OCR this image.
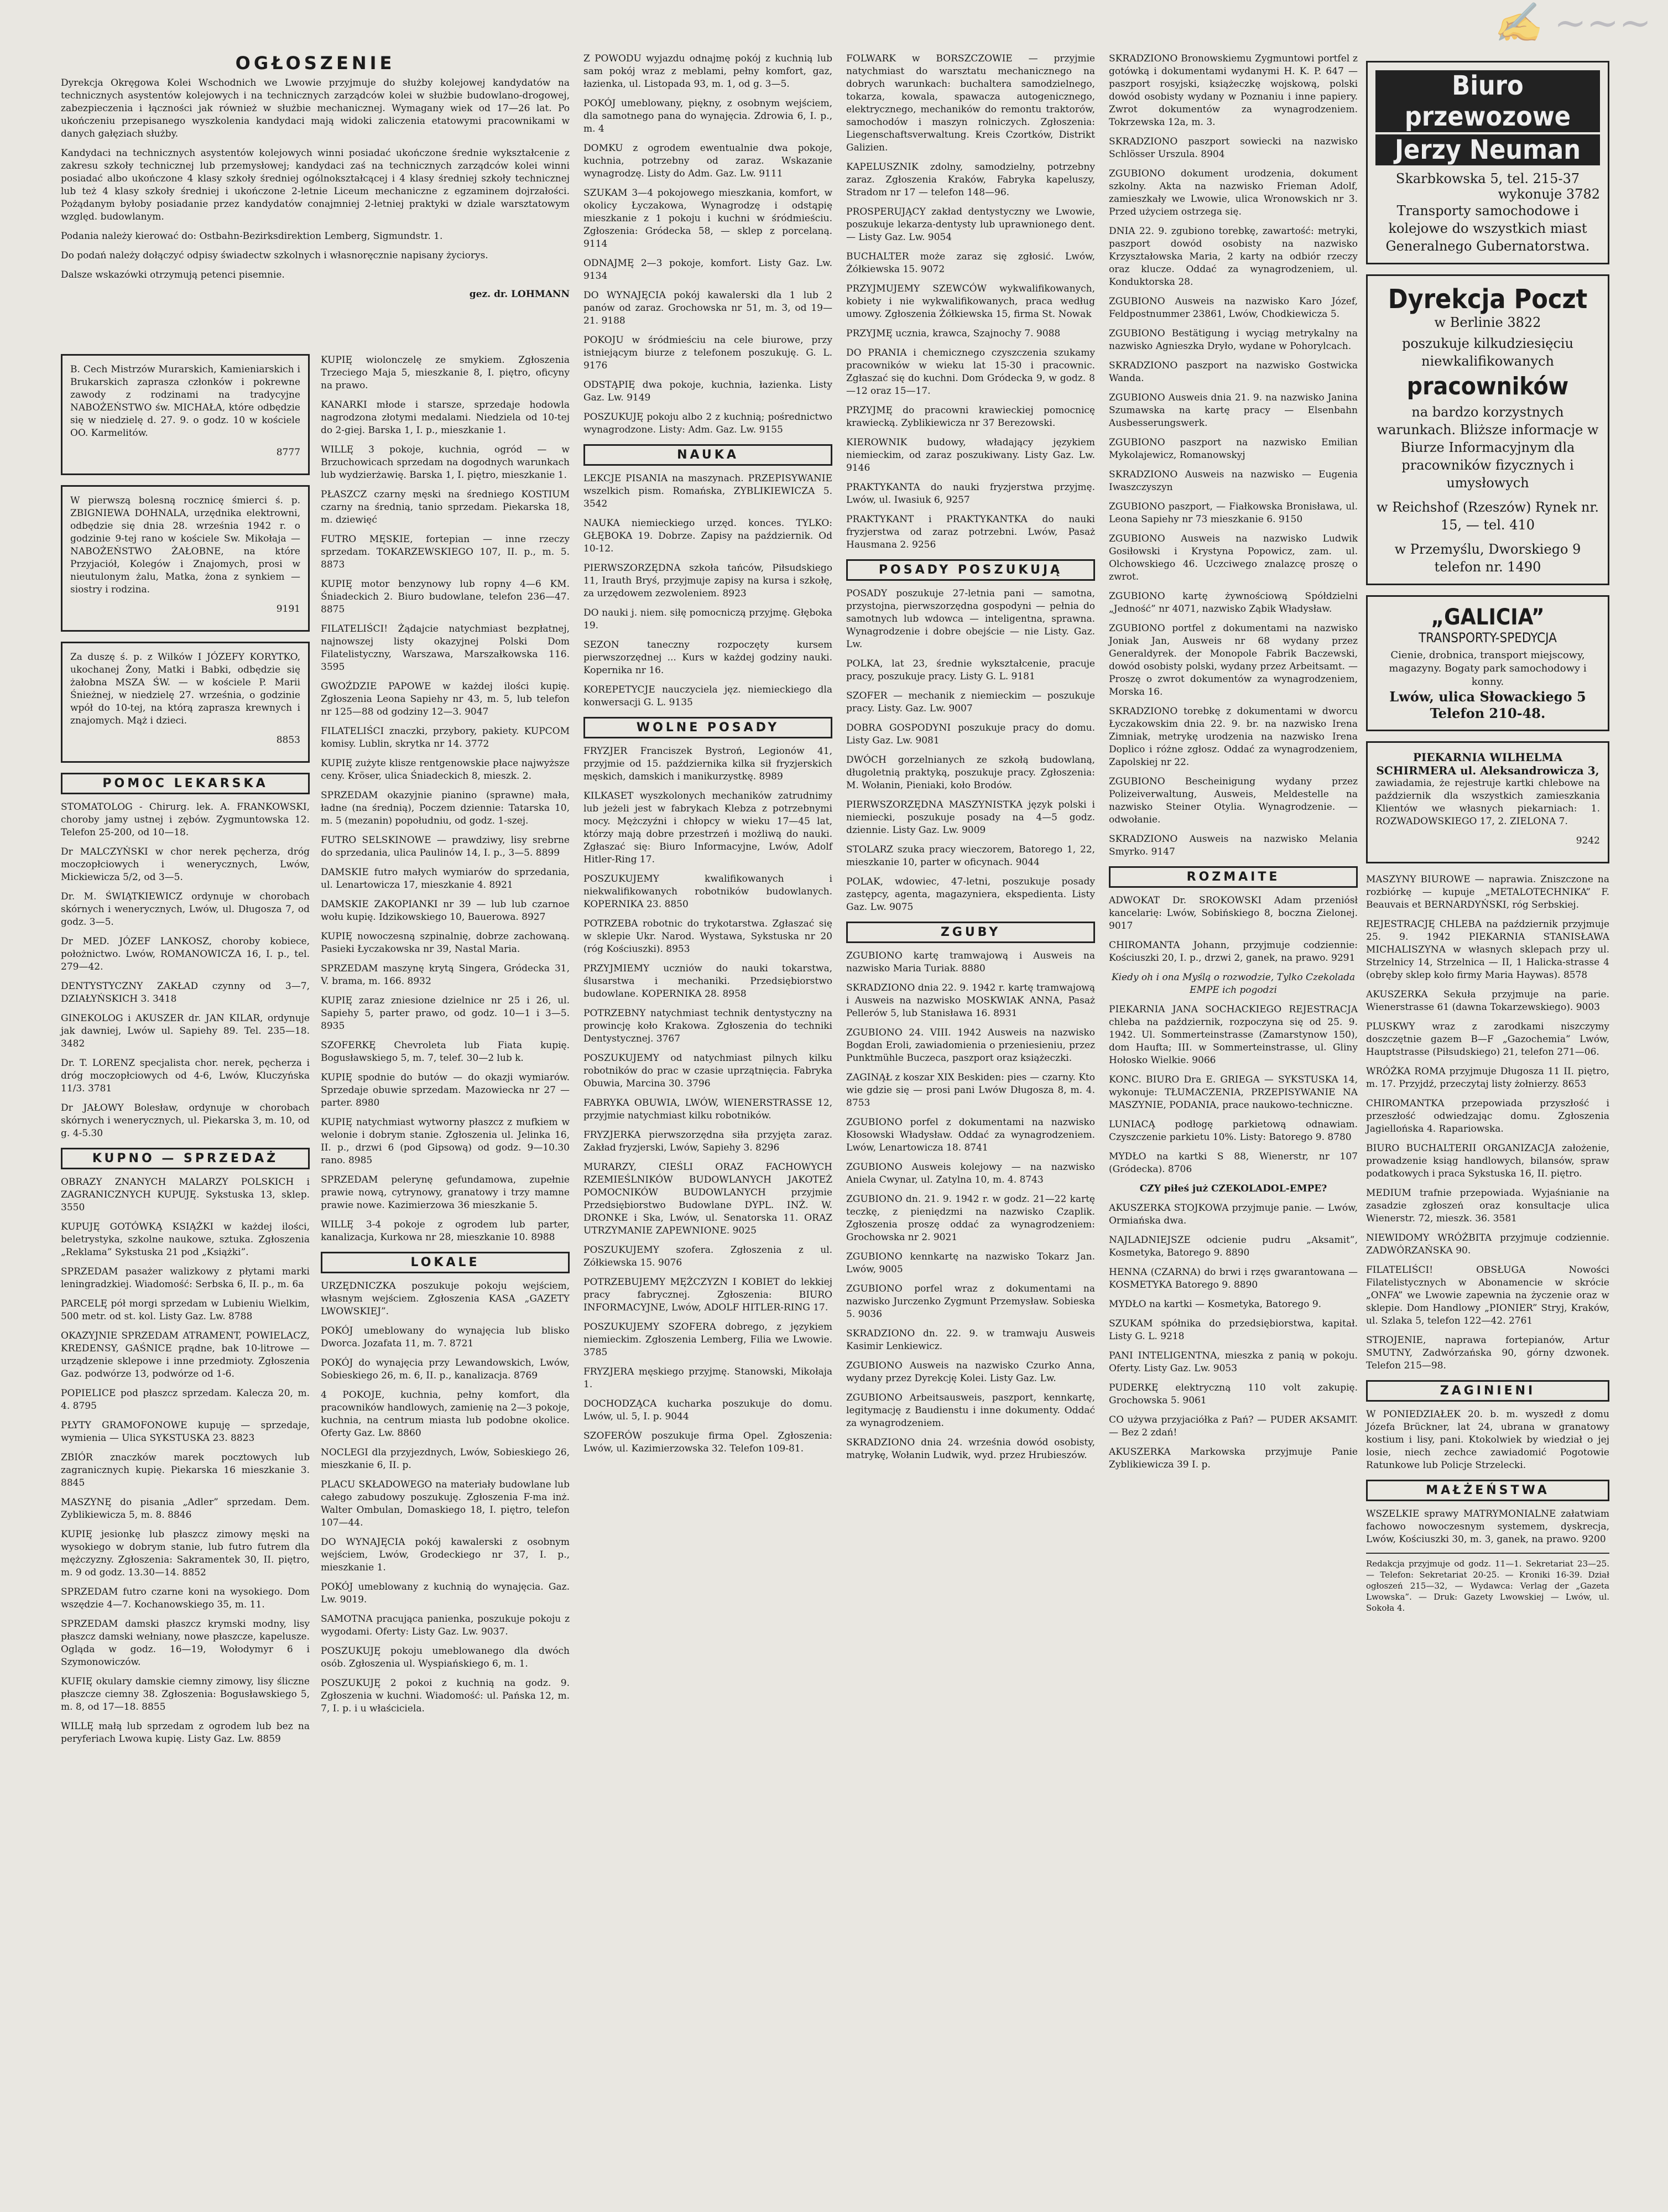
✍ ~~~
OGŁOSZENIE
Dyrekcja Okręgowa Kolei Wschodnich we Lwowie przyjmuje do służby kolejowej kandydatów na technicznych asystentów kolejowych i na technicznych zarządców kolei w służbie budowlano-drogowej, zabezpieczenia i łączności jak również w służbie mechanicznej. Wymagany wiek od 17—26 lat. Po ukończeniu przepisanego wyszkolenia kandydaci mają widoki zaliczenia etatowymi pracownikami w danych gałęziach służby.
Kandydaci na technicznych asystentów kolejowych winni posiadać ukończone średnie wykształcenie z zakresu szkoły technicznej lub przemysłowej; kandydaci zaś na technicznych zarządców kolei winni posiadać albo ukończone 4 klasy szkoły średniej ogólnokształcącej i 4 klasy średniej szkoły technicznej lub też 4 klasy szkoły średniej i ukończone 2-letnie Liceum mechaniczne z egzaminem dojrzałości. Pożądanym byłoby posiadanie przez kandydatów conajmniej 2-letniej praktyki w dziale warsztatowym względ. budowlanym.
Podania należy kierować do: Ostbahn-Bezirksdirektion Lemberg, Sigmundstr. 1.
Do podań należy dołączyć odpisy świadectw szkolnych i własnoręcznie napisany życiorys.
Dalsze wskazówki otrzymują petenci pisemnie.
gez. dr. LOHMANN
B. Cech Mistrzów Murarskich, Kamieniarskich i Brukarskich zaprasza członków i pokrewne zawody z rodzinami na tradycyjne NABOŻEŃSTWO św. MICHAŁA, które odbędzie się w niedzielę d. 27. 9. o godz. 10 w kościele OO. Karmelitów.
8777
W pierwszą bolesną rocznicę śmierci ś. p. ZBIGNIEWA DOHNALA, urzędnika elektrowni, odbędzie się dnia 28. września 1942 r. o godzinie 9-tej rano w kościele Sw. Mikołaja — NABOŻEŃSTWO ŻAŁOBNE, na które Przyjaciół, Kolegów i Znajomych, prosi w nieutulonym żalu, Matka, żona z synkiem — siostry i rodzina.
9191
Za duszę ś. p. z Wilków I JÓZEFY KORYTKO, ukochanej Żony, Matki i Babki, odbędzie się żałobna MSZA ŚW. — w kościele P. Marii Śnieżnej, w niedzielę 27. września, o godzinie wpół do 10-tej, na którą zaprasza krewnych i znajomych. Mąż i dzieci.
8853
POMOC LEKARSKA
STOMATOLOG - Chirurg. lek. A. FRANKOWSKI, choroby jamy ustnej i zębów. Zygmuntowska 12. Telefon 25-200, od 10—18.
Dr MALCZYŃSKI w chor nerek pęcherza, dróg moczopłciowych i wenerycznych, Lwów, Mickiewicza 5/2, od 3—5.
Dr. M. ŚWIĄTKIEWICZ ordynuje w chorobach skórnych i wenerycznych, Lwów, ul. Długosza 7, od godz. 3—5.
Dr MED. JÓZEF LANKOSZ, choroby kobiece, położnictwo. Lwów, ROMANOWICZA 16, I. p., tel. 279—42.
DENTYSTYCZNY ZAKŁAD czynny od 3—7, DZIAŁYŃSKICH 3. 3418
GINEKOLOG i AKUSZER dr. JAN KILAR, ordynuje jak dawniej, Lwów ul. Sapiehy 89. Tel. 235—18. 3482
Dr. T. LORENZ specjalista chor. nerek, pęcherza i dróg moczopłciowych od 4-6, Lwów, Kluczyńska 11/3. 3781
Dr JAŁOWY Bolesław, ordynuje w chorobach skórnych i wenerycznych, ul. Piekarska 3, m. 10, od g. 4-5.30
KUPNO — SPRZEDAŻ
OBRAZY ZNANYCH MALARZY POLSKICH i ZAGRANICZNYCH KUPUJĘ. Sykstuska 13, sklep. 3550
KUPUJĘ GOTÓWKĄ KSIĄŻKI w każdej ilości, beletrystyka, szkolne naukowe, sztuka. Zgłoszenia „Reklama” Sykstuska 21 pod „Książki”.
SPRZEDAM pasażer walizkowy z płytami marki leningradzkiej. Wiadomość: Serbska 6, II. p., m. 6a
PARCELĘ pół morgi sprzedam w Lubieniu Wielkim, 500 metr. od st. kol. Listy Gaz. Lw. 8788
OKAZYJNIE SPRZEDAM ATRAMENT, POWIELACZ, KREDENSY, GAŚNICE prądne, bak 10-litrowe — urządzenie sklepowe i inne przedmioty. Zgłoszenia Gaz. podwórze 13, podwórze od 1-6.
POPIELICE pod płaszcz sprzedam. Kalecza 20, m. 4. 8795
PŁYTY GRAMOFONOWE kupuję — sprzedaje, wymienia — Ulica SYKSTUSKA 23. 8823
ZBIÓR znaczków marek pocztowych lub zagranicznych kupię. Piekarska 16 mieszkanie 3. 8845
MASZYNĘ do pisania „Adler” sprzedam. Dem. Zyblikiewicza 5, m. 8. 8846
KUPIĘ jesionkę lub płaszcz zimowy męski na wysokiego w dobrym stanie, lub futro futrem dla mężczyzny. Zgłoszenia: Sakramentek 30, II. piętro, m. 9 od godz. 13.30—14. 8852
SPRZEDAM futro czarne koni na wysokiego. Dom wszędzie 4—7. Kochanowskiego 35, m. 11.
SPRZEDAM damski płaszcz krymski modny, lisy płaszcz damski wełniany, nowe płaszcze, kapelusze. Ogląda w godz. 16—19, Wołodymyr 6 i Szymonowiczów.
KUFIĘ okulary damskie ciemny zimowy, lisy śliczne płaszcze ciemny 38. Zgłoszenia: Bogusławskiego 5, m. 8, od 17—18. 8855
WILLĘ małą lub sprzedam z ogrodem lub bez na peryferiach Lwowa kupię. Listy Gaz. Lw. 8859
KUPIĘ wiolonczelę ze smykiem. Zgłoszenia Trzeciego Maja 5, mieszkanie 8, I. piętro, oficyny na prawo.
KANARKI młode i starsze, sprzedaje hodowla nagrodzona złotymi medalami. Niedziela od 10-tej do 2-giej. Barska 1, I. p., mieszkanie 1.
WILLĘ 3 pokoje, kuchnia, ogród — w Brzuchowicach sprzedam na dogodnych warunkach lub wydzierżawię. Barska 1, I. piętro, mieszkanie 1.
PŁASZCZ czarny męski na średniego KOSTIUM czarny na średnią, tanio sprzedam. Piekarska 18, m. dziewięć
FUTRO MĘSKIE, fortepian — inne rzeczy sprzedam. TOKARZEWSKIEGO 107, II. p., m. 5. 8873
KUPIĘ motor benzynowy lub ropny 4—6 KM. Śniadeckich 2. Biuro budowlane, telefon 236—47. 8875
FILATELIŚCI! Żądajcie natychmiast bezpłatnej, najnowszej listy okazyjnej Polski Dom Filatelistyczny, Warszawa, Marszałkowska 116. 3595
GWOŹDZIE PAPOWE w każdej ilości kupię. Zgłoszenia Leona Sapiehy nr 43, m. 5, lub telefon nr 125—88 od godziny 12—3. 9047
FILATELIŚCI znaczki, przybory, pakiety. KUPCOM komisy. Lublin, skrytka nr 14. 3772
KUPIĘ zużyte klisze rentgenowskie płace najwyższe ceny. Kröser, ulica Śniadeckich 8, mieszk. 2.
SPRZEDAM okazyjnie pianino (sprawne) mała, ładne (na średnią), Poczem dziennie: Tatarska 10, m. 5 (mezanin) popołudniu, od godz. 1-szej.
FUTRO SELSKINOWE — prawdziwy, lisy srebrne do sprzedania, ulica Paulinów 14, I. p., 3—5. 8899
DAMSKIE futro małych wymiarów do sprzedania, ul. Lenartowicza 17, mieszkanie 4. 8921
DAMSKIE ZAKOPIANKI nr 39 — lub lub czarnoe wołu kupię. Idzikowskiego 10, Bauerowa. 8927
KUPIĘ nowoczesną szpinalnię, dobrze zachowaną. Pasieki Łyczakowska nr 39, Nastal Maria.
SPRZEDAM maszynę krytą Singera, Gródecka 31, V. brama, m. 166. 8932
KUPIĘ zaraz zniesione dzielnice nr 25 i 26, ul. Sapiehy 5, parter prawo, od godz. 10—1 i 3—5. 8935
SZOFERKĘ Chevroleta lub Fiata kupię. Bogusławskiego 5, m. 7, telef. 30—2 lub k.
KUPIĘ spodnie do butów — do okazji wymiarów. Sprzedaje obuwie sprzedam. Mazowiecka nr 27 — parter. 8980
KUPIĘ natychmiast wytworny płaszcz z mufkiem w welonie i dobrym stanie. Zgłoszenia ul. Jelinka 16, II. p., drzwi 6 (pod Gipsową) od godz. 9—10.30 rano. 8985
SPRZEDAM pelerynę gefundamowa, zupełnie prawie nową, cytrynowy, granatowy i trzy mamne prawie nowe. Kazimierzowa 36 mieszkanie 5.
WILLĘ 3-4 pokoje z ogrodem lub parter, kanalizacja, Kurkowa nr 28, mieszkanie 10. 8988
LOKALE
URZĘDNICZKA poszukuje pokoju wejściem, własnym wejściem. Zgłoszenia KASA „GAZETY LWOWSKIEJ”.
POKÓJ umeblowany do wynajęcia lub blisko Dworca. Jozafata 11, m. 7. 8721
POKÓJ do wynajęcia przy Lewandowskich, Lwów, Sobieskiego 26, m. 6, II. p., kanalizacja. 8769
4 POKOJE, kuchnia, pełny komfort, dla pracowników handlowych, zamienię na 2—3 pokoje, kuchnia, na centrum miasta lub podobne okolice. Oferty Gaz. Lw. 8860
NOCLEGI dla przyjezdnych, Lwów, Sobieskiego 26, mieszkanie 6, II. p.
PLACU SKŁADOWEGO na materiały budowlane lub całego zabudowy poszukuję. Zgłoszenia F-ma inż. Walter Ombulan, Domaskiego 18, I. piętro, telefon 107—44.
DO WYNAJĘCIA pokój kawalerski z osobnym wejściem, Lwów, Grodeckiego nr 37, I. p., mieszkanie 1.
POKÓJ umeblowany z kuchnią do wynajęcia. Gaz. Lw. 9019.
SAMOTNA pracująca panienka, poszukuje pokoju z wygodami. Oferty: Listy Gaz. Lw. 9037.
POSZUKUJĘ pokoju umeblowanego dla dwóch osób. Zgłoszenia ul. Wyspiańskiego 6, m. 1.
POSZUKUJĘ 2 pokoi z kuchnią na godz. 9. Zgłoszenia w kuchni. Wiadomość: ul. Pańska 12, m. 7, I. p. i u właściciela.
Z POWODU wyjazdu odnajmę pokój z kuchnią lub sam pokój wraz z meblami, pełny komfort, gaz, łazienka, ul. Listopada 93, m. 1, od g. 3—5.
POKÓJ umeblowany, piękny, z osobnym wejściem, dla samotnego pana do wynajęcia. Zdrowia 6, I. p., m. 4
DOMKU z ogrodem ewentualnie dwa pokoje, kuchnia, potrzebny od zaraz. Wskazanie wynagrodzę. Listy do Adm. Gaz. Lw. 9111
SZUKAM 3—4 pokojowego mieszkania, komfort, w okolicy Łyczakowa, Wynagrodzę i odstąpię mieszkanie z 1 pokoju i kuchni w śródmieściu. Zgłoszenia: Gródecka 58, — sklep z porcelaną. 9114
ODNAJMĘ 2—3 pokoje, komfort. Listy Gaz. Lw. 9134
DO WYNAJĘCIA pokój kawalerski dla 1 lub 2 panów od zaraz. Grochowska nr 51, m. 3, od 19—21. 9188
POKOJU w śródmieściu na cele biurowe, przy istniejącym biurze z telefonem poszukuję. G. L. 9176
ODSTĄPIĘ dwa pokoje, kuchnia, łazienka. Listy Gaz. Lw. 9149
POSZUKUJĘ pokoju albo 2 z kuchnią; pośrednictwo wynagrodzone. Listy: Adm. Gaz. Lw. 9155
NAUKA
LEKCJE PISANIA na maszynach. PRZEPISYWANIE wszelkich pism. Romańska, ZYBLIKIEWICZA 5. 3542
NAUKA niemieckiego urzęd. konces. TYLKO: GŁĘBOKA 19. Dobrze. Zapisy na październik. Od 10-12.
PIERWSZORZĘDNA szkoła tańców, Piłsudskiego 11, Irauth Bryś, przyjmuje zapisy na kursa i szkołę, za urzędowem zezwoleniem. 8923
DO nauki j. niem. siłę pomocniczą przyjmę. Głęboka 19.
SEZON taneczny rozpoczęty kursem pierwszorzędnej ... Kurs w każdej godziny nauki. Kopernika nr 16.
KOREPETYCJE nauczyciela jęz. niemieckiego dla konwersacji G. L. 9135
WOLNE POSADY
FRYZJER Franciszek Bystroń, Legionów 41, przyjmie od 15. października kilka sił fryzjerskich męskich, damskich i manikurzystkę. 8989
KILKASET wyszkolonych mechaników zatrudnimy lub jeżeli jest w fabrykach Klebza z potrzebnymi mocy. Mężczyźni i chłopcy w wieku 17—45 lat, którzy mają dobre przestrzeń i możliwą do nauki. Zgłaszać się: Biuro Informacyjne, Lwów, Adolf Hitler-Ring 17.
POSZUKUJEMY kwalifikowanych i niekwalifikowanych robotników budowlanych. KOPERNIKA 23. 8850
POTRZEBA robotnic do trykotarstwa. Zgłaszać się w sklepie Ukr. Narod. Wystawa, Sykstuska nr 20 (róg Kościuszki). 8953
PRZYJMIEMY uczniów do nauki tokarstwa, ślusarstwa i mechaniki. Przedsiębiorstwo budowlane. KOPERNIKA 28. 8958
POTRZEBNY natychmiast technik dentystyczny na prowincję koło Krakowa. Zgłoszenia do techniki Dentystycznej. 3767
POSZUKUJEMY od natychmiast pilnych kilku robotników do prac w czasie uprzątnięcia. Fabryka Obuwia, Marcina 30. 3796
FABRYKA OBUWIA, LWÓW, WIENERSTRASSE 12, przyjmie natychmiast kilku robotników.
FRYZJERKA pierwszorzędna siła przyjęta zaraz. Zakład fryzjerski, Lwów, Sapiehy 3. 8296
MURARZY, CIEŚLI ORAZ FACHOWYCH RZEMIEŚLNIKÓW BUDOWLANYCH JAKOTEŻ POMOCNIKÓW BUDOWLANYCH przyjmie Przedsiębiorstwo Budowlane DYPL. INŻ. W. DRONKE i Ska, Lwów, ul. Senatorska 11. ORAZ UTRZYMANIE ZAPEWNIONE. 9025
POSZUKUJEMY szofera. Zgłoszenia z ul. Zółkiewska 15. 9076
POTRZEBUJEMY MĘŻCZYZN I KOBIET do lekkiej pracy fabrycznej. Zgłoszenia: BIURO INFORMACYJNE, Lwów, ADOLF HITLER-RING 17.
POSZUKUJEMY SZOFERA dobrego, z językiem niemieckim. Zgłoszenia Lemberg, Filia we Lwowie. 3785
FRYZJERA męskiego przyjmę. Stanowski, Mikołaja 1.
DOCHODZĄCA kucharka poszukuje do domu. Lwów, ul. 5, I. p. 9044
SZOFERÓW poszukuje firma Opel. Zgłoszenia: Lwów, ul. Kazimierzowska 32. Telefon 109-81.
FOLWARK w BORSZCZOWIE — przyjmie natychmiast do warsztatu mechanicznego na dobrych warunkach: buchaltera samodzielnego, tokarza, kowala, spawacza autogenicznego, elektrycznego, mechaników do remontu traktorów, samochodów i maszyn rolniczych. Zgłoszenia: Liegenschaftsverwaltung. Kreis Czortków, Distrikt Galizien.
KAPELUSZNIK zdolny, samodzielny, potrzebny zaraz. Zgłoszenia Kraków, Fabryka kapeluszy, Stradom nr 17 — telefon 148—96.
PROSPERUJĄCY zakład dentystyczny we Lwowie, poszukuje lekarza-dentysty lub uprawnionego dent. — Listy Gaz. Lw. 9054
BUCHALTER może zaraz się zgłosić. Lwów, Żółkiewska 15. 9072
PRZYJMUJEMY SZEWCÓW wykwalifikowanych, kobiety i nie wykwalifikowanych, praca według umowy. Zgłoszenia Żółkiewska 15, firma St. Nowak
PRZYJMĘ ucznia, krawca, Szajnochy 7. 9088
DO PRANIA i chemicznego czyszczenia szukamy pracowników w wieku lat 15-30 i pracownic. Zgłaszać się do kuchni. Dom Gródecka 9, w godz. 8—12 oraz 15—17.
PRZYJMĘ do pracowni krawieckiej pomocnicę krawiecką. Zyblikiewicza nr 37 Berezowski.
KIEROWNIK budowy, władający językiem niemieckim, od zaraz poszukiwany. Listy Gaz. Lw. 9146
PRAKTYKANTA do nauki fryzjerstwa przyjmę. Lwów, ul. Iwasiuk 6, 9257
PRAKTYKANT i PRAKTYKANTKA do nauki fryzjerstwa od zaraz potrzebni. Lwów, Pasaż Hausmana 2. 9256
POSADY POSZUKUJĄ
POSADY poszukuje 27-letnia pani — samotna, przystojna, pierwszorzędna gospodyni — pełnia do samotnych lub wdowca — inteligentna, sprawna. Wynagrodzenie i dobre obejście — nie Listy. Gaz. Lw.
POLKA, lat 23, średnie wykształcenie, pracuje pracy, poszukuje pracy. Listy G. L. 9181
SZOFER — mechanik z niemieckim — poszukuje pracy. Listy. Gaz. Lw. 9007
DOBRA GOSPODYNI poszukuje pracy do domu. Listy Gaz. Lw. 9081
DWÓCH gorzelnianych ze szkołą budowlaną, długoletnią praktyką, poszukuje pracy. Zgłoszenia: M. Wołanin, Pieniaki, koło Brodów.
PIERWSZORZĘDNA MASZYNISTKA język polski i niemiecki, poszukuje posady na 4—5 godz. dziennie. Listy Gaz. Lw. 9009
STOLARZ szuka pracy wieczorem, Batorego 1, 22, mieszkanie 10, parter w oficynach. 9044
POLAK, wdowiec, 47-letni, poszukuje posady zastępcy, agenta, magazyniera, ekspedienta. Listy Gaz. Lw. 9075
ZGUBY
ZGUBIONO kartę tramwajową i Ausweis na nazwisko Maria Turiak. 8880
SKRADZIONO dnia 22. 9. 1942 r. kartę tramwajową i Ausweis na nazwisko MOSKWIAK ANNA, Pasaż Pellerów 5, lub Stanisława 16. 8931
ZGUBIONO 24. VIII. 1942 Ausweis na nazwisko Bogdan Eroli, zawiadomienia o przeniesieniu, przez Punktmühle Buczeca, paszport oraz książeczki.
ZAGINĄŁ z koszar XIX Beskiden: pies — czarny. Kto wie gdzie się — prosi pani Lwów Długosza 8, m. 4. 8753
ZGUBIONO porfel z dokumentami na nazwisko Kłosowski Władysław. Oddać za wynagrodzeniem. Lwów, Lenartowicza 18. 8741
ZGUBIONO Ausweis kolejowy — na nazwisko Aniela Cwynar, ul. Zatylna 10, m. 4. 8743
ZGUBIONO dn. 21. 9. 1942 r. w godz. 21—22 kartę teczkę, z pieniędzmi na nazwisko Czaplik. Zgłoszenia proszę oddać za wynagrodzeniem: Grochowska nr 2. 9021
ZGUBIONO kennkartę na nazwisko Tokarz Jan. Lwów, 9005
ZGUBIONO porfel wraz z dokumentami na nazwisko Jurczenko Zygmunt Przemysław. Sobieska 5. 9036
SKRADZIONO dn. 22. 9. w tramwaju Ausweis Kasimir Lenkiewicz.
ZGUBIONO Ausweis na nazwisko Czurko Anna, wydany przez Dyrekcję Kolei. Listy Gaz. Lw.
ZGUBIONO Arbeitsausweis, paszport, kennkartę, legitymację z Baudienstu i inne dokumenty. Oddać za wynagrodzeniem.
SKRADZIONO dnia 24. września dowód osobisty, matrykę, Wołanin Ludwik, wyd. przez Hrubieszów.
SKRADZIONO Bronowskiemu Zygmuntowi portfel z gotówką i dokumentami wydanymi H. K. P. 647 — paszport rosyjski, książeczkę wojskową, polski dowód osobisty wydany w Poznaniu i inne papiery. Zwrot dokumentów za wynagrodzeniem. Tokrzewska 12a, m. 3.
SKRADZIONO paszport sowiecki na nazwisko Schlösser Urszula. 8904
ZGUBIONO dokument urodzenia, dokument szkolny. Akta na nazwisko Frieman Adolf, zamieszkały we Lwowie, ulica Wronowskich nr 3. Przed użyciem ostrzega się.
DNIA 22. 9. zgubiono torebkę, zawartość: metryki, paszport dowód osobisty na nazwisko Krzyształowska Maria, 2 karty na odbiór rzeczy oraz klucze. Oddać za wynagrodzeniem, ul. Konduktorska 28.
ZGUBIONO Ausweis na nazwisko Karo Józef, Feldpostnummer 23861, Lwów, Chodkiewicza 5.
ZGUBIONO Bestätigung i wyciąg metrykalny na nazwisko Agnieszka Dryło, wydane w Pohorylcach.
SKRADZIONO paszport na nazwisko Gostwicka Wanda.
ZGUBIONO Ausweis dnia 21. 9. na nazwisko Janina Szumawska na kartę pracy — Elsenbahn Ausbesserungswerk.
ZGUBIONO paszport na nazwisko Emilian Mykolajewicz, Romanowskyj
SKRADZIONO Ausweis na nazwisko — Eugenia Iwaszczyszyn
ZGUBIONO paszport, — Fiałkowska Bronisława, ul. Leona Sapiehy nr 73 mieszkanie 6. 9150
ZGUBIONO Ausweis na nazwisko Ludwik Gosiłowski i Krystyna Popowicz, zam. ul. Olchowskiego 46. Uczciwego znalazcę proszę o zwrot.
ZGUBIONO kartę żywnościową Spółdzielni „Jedność” nr 4071, nazwisko Ząbik Władysław.
ZGUBIONO portfel z dokumentami na nazwisko Joniak Jan, Ausweis nr 68 wydany przez Generaldyrek. der Monopole Fabrik Baczewski, dowód osobisty polski, wydany przez Arbeitsamt. — Proszę o zwrot dokumentów za wynagrodzeniem, Morska 16.
SKRADZIONO torebkę z dokumentami w dworcu Łyczakowskim dnia 22. 9. br. na nazwisko Irena Zimniak, metrykę urodzenia na nazwisko Irena Doplico i różne zgłosz. Oddać za wynagrodzeniem, Zapolskiej nr 22.
ZGUBIONO Bescheinigung wydany przez Polizeiverwaltung, Ausweis, Meldestelle na nazwisko Steiner Otylia. Wynagrodzenie. — odwołanie.
SKRADZIONO Ausweis na nazwisko Melania Smyrko. 9147
ROZMAITE
ADWOKAT Dr. SROKOWSKI Adam przeniósł kancelarię: Lwów, Sobińskiego 8, boczna Zielonej. 9017
CHIROMANTA Johann, przyjmuje codziennie: Kościuszki 20, I. p., drzwi 2, ganek, na prawo. 9291
Kiedy oh i ona Myślą o rozwodzie, Tylko Czekolada EMPE ich pogodzi
PIEKARNIA JANA SOCHACKIEGO REJESTRACJA chleba na październik, rozpoczyna się od 25. 9. 1942. Ul. Sommerteinstrasse (Zamarstynow 150), dom Haufta; III. w Sommerteinstrasse, ul. Gliny Hołosko Wielkie. 9066
KONC. BIURO Dra E. GRIEGA — SYKSTUSKA 14, wykonuje: TŁUMACZENIA, PRZEPISYWANIE NA MASZYNIE, PODANIA, prace naukowo-techniczne.
LUNIACĄ podłogę parkietową odnawiam. Czyszczenie parkietu 10%. Listy: Batorego 9. 8780
MYDŁO na kartki S 88, Wienerstr, nr 107 (Gródecka). 8706
CZY piłeś już CZEKOLADOL-EMPE?
AKUSZERKA STOJKOWA przyjmuje panie. — Lwów, Ormiańska dwa.
NAJLADNIEJSZE odcienie pudru „Aksamit”, Kosmetyka, Batorego 9. 8890
HENNA (CZARNA) do brwi i rzęs gwarantowana — KOSMETYKA Batorego 9. 8890
MYDŁO na kartki — Kosmetyka, Batorego 9.
SZUKAM spółnika do przedsiębiorstwa, kapitał. Listy G. L. 9218
PANI INTELIGENTNA, mieszka z panią w pokoju. Oferty. Listy Gaz. Lw. 9053
PUDERKĘ elektryczną 110 volt zakupię. Grochowska 5. 9061
CO używa przyjaciółka z Pań? — PUDER AKSAMIT. — Bez 2 zdań!
AKUSZERKA Markowska przyjmuje Panie Zyblikiewicza 39 I. p.
Biuro przewozowe
Jerzy Neuman
Skarbkowska 5, tel. 215-37
wykonuje 3782
Transporty samochodowe i kolejowe do wszystkich miast Generalnego Gubernatorstwa.
Dyrekcja Poczt
w Berlinie 3822
poszukuje kilkudziesięciu niewkalifikowanych
pracowników
na bardzo korzystnych warunkach. Bliższe informacje w Biurze Informacyjnym dla pracowników fizycznych i umysłowych
w Reichshof (Rzeszów) Rynek nr. 15, — tel. 410
w Przemyślu, Dworskiego 9 telefon nr. 1490
„GALICIA”
TRANSPORTY-SPEDYCJA
Cienie, drobnica, transport miejscowy, magazyny. Bogaty park samochodowy i konny.
Lwów, ulica Słowackiego 5 Telefon 210-48.
PIEKARNIA WILHELMA SCHIRMERA ul. Aleksandrowicza 3,
zawiadamia, że rejestruje kartki chlebowe na październik dla wszystkich zamieszkania Klientów we własnych piekarniach: 1. ROZWADOWSKIEGO 17, 2. ZIELONA 7.
9242
MASZYNY BIUROWE — naprawia. Zniszczone na rozbiórkę — kupuje „METALOTECHNIKA” F. Beauvais et BERNARDYŃSKI, róg Serbskiej.
REJESTRACJĘ CHLEBA na październik przyjmuje 25. 9. 1942 PIEKARNIA STANISŁAWA MICHALISZYNA w własnych sklepach przy ul. Strzelnicy 14, Strzelnica — II, 1 Halicka-strasse 4 (obręby sklep koło firmy Maria Haywas). 8578
AKUSZERKA Sekuła przyjmuje na parie. Wienerstrasse 61 (dawna Tokarzewskiego). 9003
PLUSKWY wraz z zarodkami niszczymy doszczętnie gazem B—F „Gazochemia” Lwów, Hauptstrasse (Piłsudskiego) 21, telefon 271—06.
WRÓŻKA ROMA przyjmuje Długosza 11 II. piętro, m. 17. Przyjdź, przeczytaj listy żołnierzy. 8653
CHIROMANTKA przepowiada przyszłość i przeszłość odwiedzając domu. Zgłoszenia Jagiellońska 4. Rapariowska.
BIURO BUCHALTERII ORGANIZACJA założenie, prowadzenie ksiąg handlowych, bilansów, spraw podatkowych i praca Sykstuska 16, II. piętro.
MEDIUM trafnie przepowiada. Wyjaśnianie na zasadzie zgłoszeń oraz konsultacje ulica Wienerstr. 72, mieszk. 36. 3581
NIEWIDOMY WRÓŻBITA przyjmuje codziennie. ZADWÓRZAŃSKA 90.
FILATELIŚCI! OBSŁUGA Nowości Filatelistycznych w Abonamencie w skrócie „ONFA” we Lwowie zapewnia na życzenie oraz w sklepie. Dom Handlowy „PIONIER” Stryj, Kraków, ul. Szlaka 5, telefon 122—42. 2761
STROJENIE, naprawa fortepianów, Artur SMUTNY, Zadwórzańska 90, górny dzwonek. Telefon 215—98.
ZAGINIENI
W PONIEDZIAŁEK 20. b. m. wyszedł z domu Józefa Brückner, lat 24, ubrana w granatowy kostium i lisy, pani. Ktokolwiek by wiedział o jej losie, niech zechce zawiadomić Pogotowie Ratunkowe lub Policje Strzelecki.
MAŁŻEŃSTWA
WSZELKIE sprawy MATRYMONIALNE załatwiam fachowo nowoczesnym systemem, dyskrecja, Lwów, Kościuszki 30, m. 3, ganek, na prawo. 9200
Redakcja przyjmuje od godz. 11—1. Sekretariat 23—25. — Telefon: Sekretariat 20-25. — Kroniki 16-39. Dział ogłoszeń 215—32, — Wydawca: Verlag der „Gazeta Lwowska”. — Druk: Gazety Lwowskiej — Lwów, ul. Sokoła 4.
